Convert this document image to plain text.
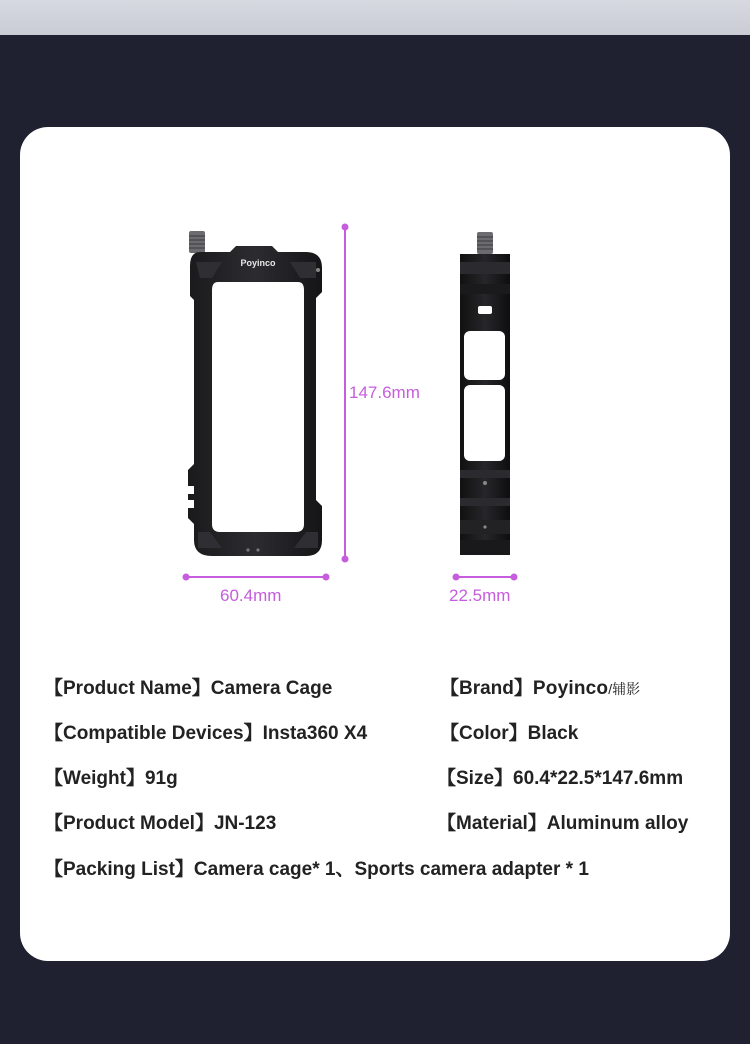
Poyinco
147.6mm
60.4mm	22.5mm
【Product Name】Camera Cage	【Brand】Poyinco/辅影
【Compatible Devices】Insta360 X4	【Color】Black
【Weight】91g	【Size】60.4*22.5*147.6mm
【Product Model】JN-123	【Material】Aluminum alloy
【Packing List】Camera cage* 1、Sports camera adapter * 1
